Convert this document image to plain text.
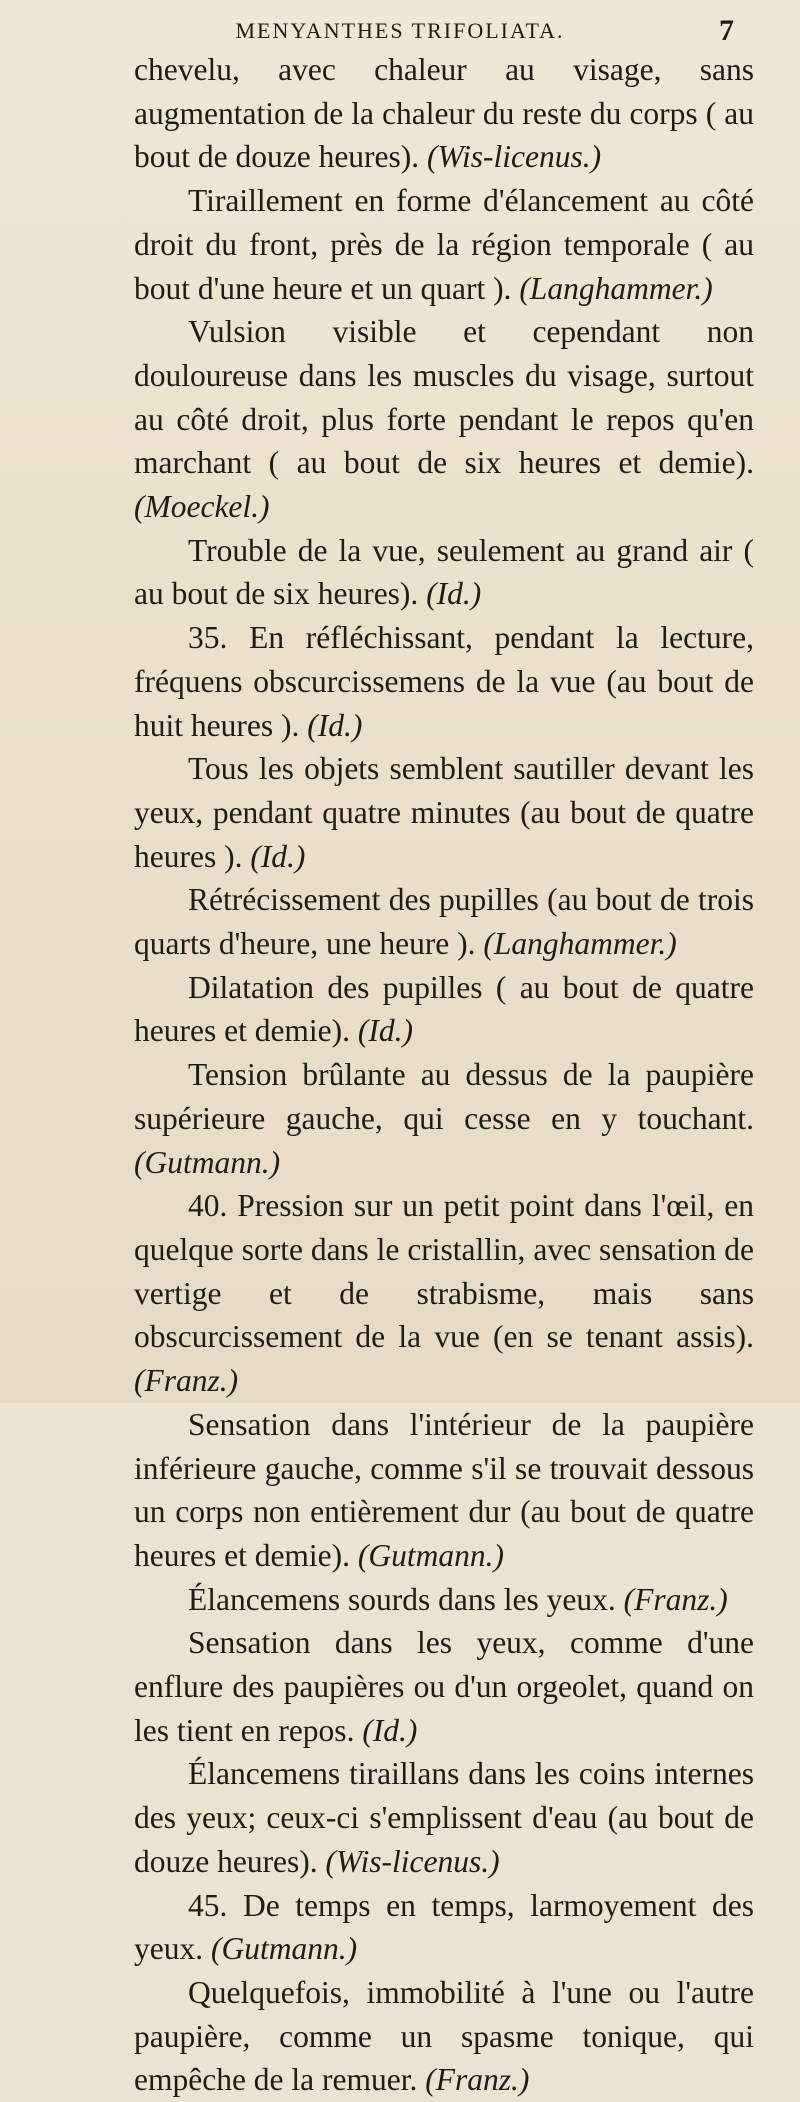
MENYANTHES TRIFOLIATA.	7

chevelu, avec chaleur au visage, sans augmentation de la chaleur du reste du corps ( au bout de douze heures). (Wis-licenus.)

Tiraillement en forme d'élancement au côté droit du front, près de la région temporale ( au bout d'une heure et un quart ). (Langhammer.)

Vulsion visible et cependant non douloureuse dans les muscles du visage, surtout au côté droit, plus forte pendant le repos qu'en marchant ( au bout de six heures et demie). (Moeckel.)

Trouble de la vue, seulement au grand air ( au bout de six heures). (Id.)

35. En réfléchissant, pendant la lecture, fréquens obscurcissemens de la vue (au bout de huit heures ). (Id.)

Tous les objets semblent sautiller devant les yeux, pendant quatre minutes (au bout de quatre heures ). (Id.)

Rétrécissement des pupilles (au bout de trois quarts d'heure, une heure ). (Langhammer.)

Dilatation des pupilles ( au bout de quatre heures et demie). (Id.)

Tension brûlante au dessus de la paupière supérieure gauche, qui cesse en y touchant. (Gutmann.)

40. Pression sur un petit point dans l'œil, en quelque sorte dans le cristallin, avec sensation de vertige et de strabisme, mais sans obscurcissement de la vue (en se tenant assis). (Franz.)

Sensation dans l'intérieur de la paupière inférieure gauche, comme s'il se trouvait dessous un corps non entièrement dur (au bout de quatre heures et demie). (Gutmann.)

Élancemens sourds dans les yeux. (Franz.)

Sensation dans les yeux, comme d'une enflure des paupières ou d'un orgeolet, quand on les tient en repos. (Id.)

Élancemens tiraillans dans les coins internes des yeux; ceux-ci s'emplissent d'eau (au bout de douze heures). (Wis-licenus.)

45. De temps en temps, larmoyement des yeux. (Gutmann.)

Quelquefois, immobilité à l'une ou l'autre paupière, comme un spasme tonique, qui empêche de la remuer. (Franz.)
